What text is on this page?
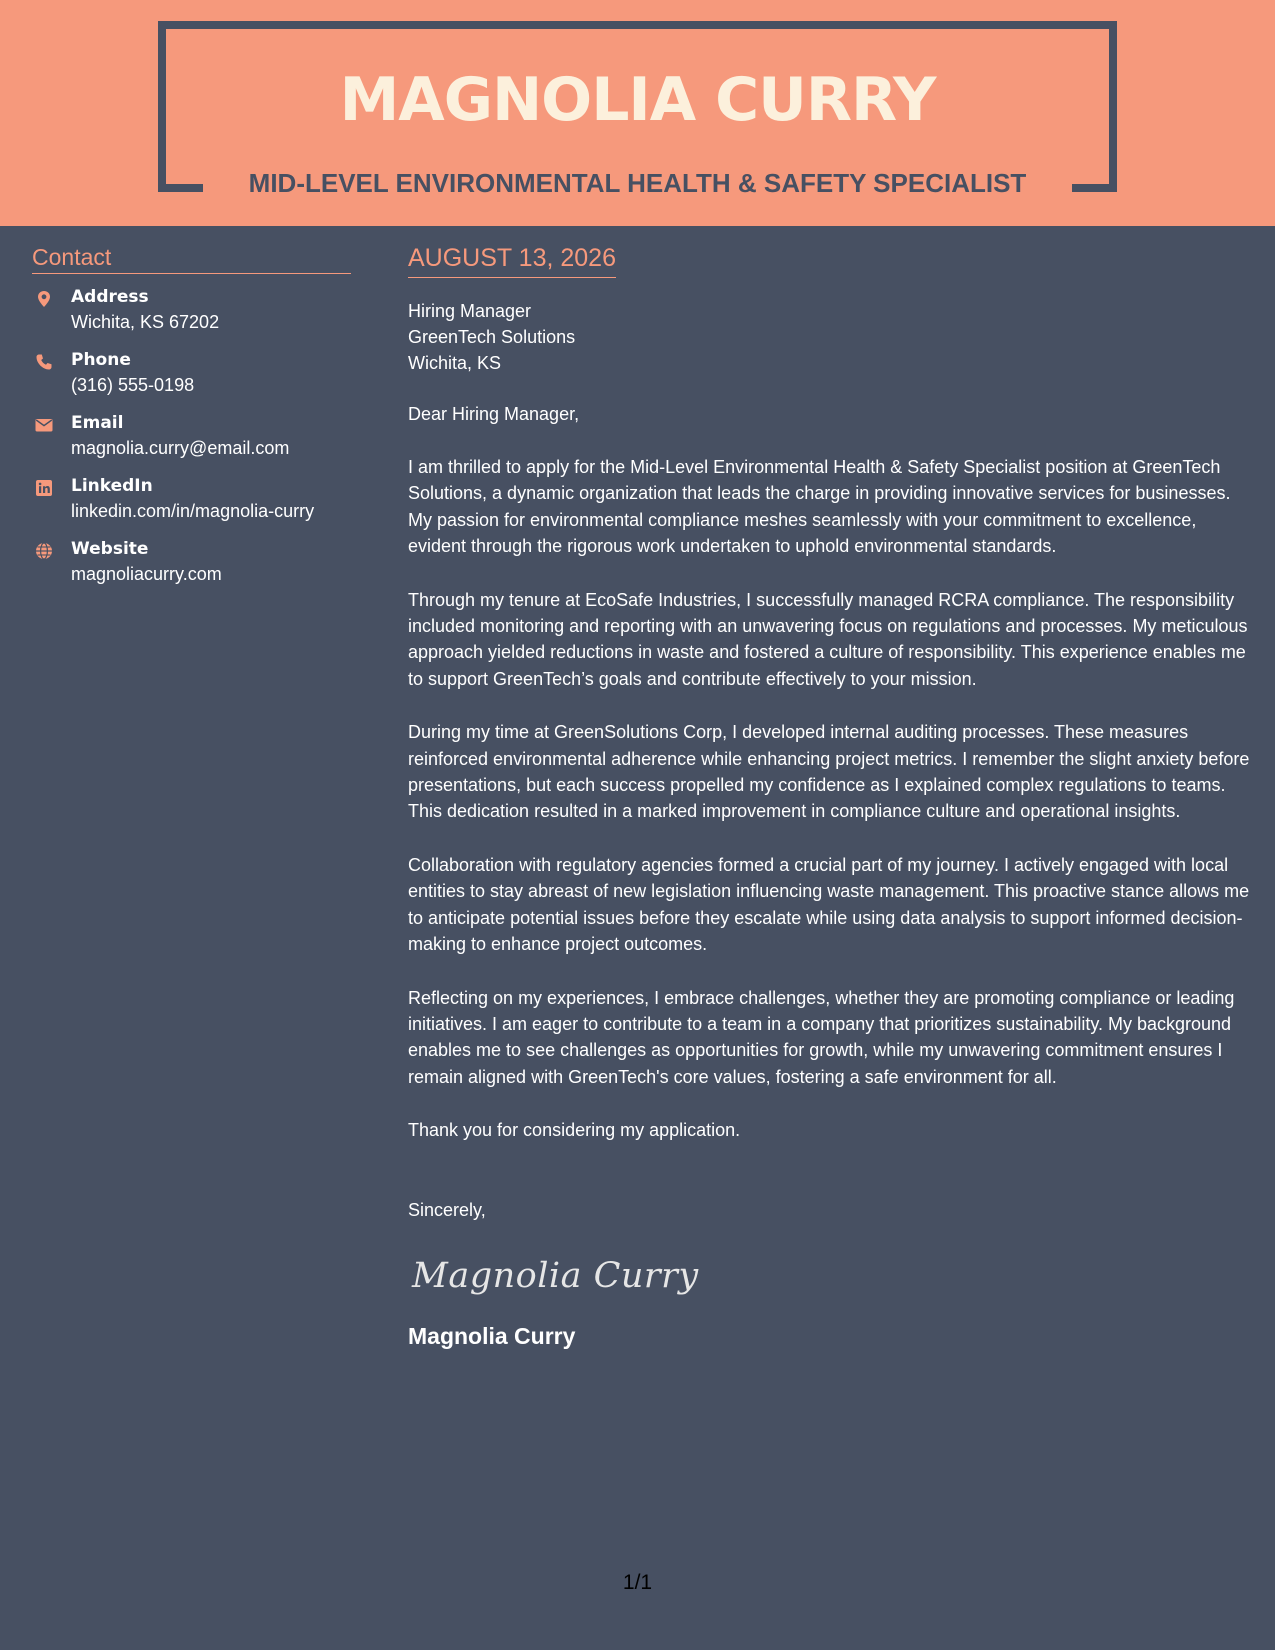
MAGNOLIA CURRY
MID-LEVEL ENVIRONMENTAL HEALTH & SAFETY SPECIALIST
Contact
Address
Wichita, KS 67202
Phone
(316) 555-0198
Email
magnolia.curry@email.com
LinkedIn
linkedin.com/in/magnolia-curry
Website
magnoliacurry.com
AUGUST 13, 2026
Hiring Manager
GreenTech Solutions
Wichita, KS
Dear Hiring Manager,
I am thrilled to apply for the Mid-Level Environmental Health & Safety Specialist position at GreenTech Solutions, a dynamic organization that leads the charge in providing innovative services for businesses. My passion for environmental compliance meshes seamlessly with your commitment to excellence, evident through the rigorous work undertaken to uphold environmental standards.
Through my tenure at EcoSafe Industries, I successfully managed RCRA compliance. The responsibility included monitoring and reporting with an unwavering focus on regulations and processes. My meticulous approach yielded reductions in waste and fostered a culture of responsibility. This experience enables me to support GreenTech’s goals and contribute effectively to your mission.
During my time at GreenSolutions Corp, I developed internal auditing processes. These measures reinforced environmental adherence while enhancing project metrics. I remember the slight anxiety before presentations, but each success propelled my confidence as I explained complex regulations to teams. This dedication resulted in a marked improvement in compliance culture and operational insights.
Collaboration with regulatory agencies formed a crucial part of my journey. I actively engaged with local entities to stay abreast of new legislation influencing waste management. This proactive stance allows me to anticipate potential issues before they escalate while using data analysis to support informed decision-making to enhance project outcomes.
Reflecting on my experiences, I embrace challenges, whether they are promoting compliance or leading initiatives. I am eager to contribute to a team in a company that prioritizes sustainability. My background enables me to see challenges as opportunities for growth, while my unwavering commitment ensures I remain aligned with GreenTech's core values, fostering a safe environment for all.
Thank you for considering my application.
Sincerely,
Magnolia Curry
Magnolia Curry
1/1
